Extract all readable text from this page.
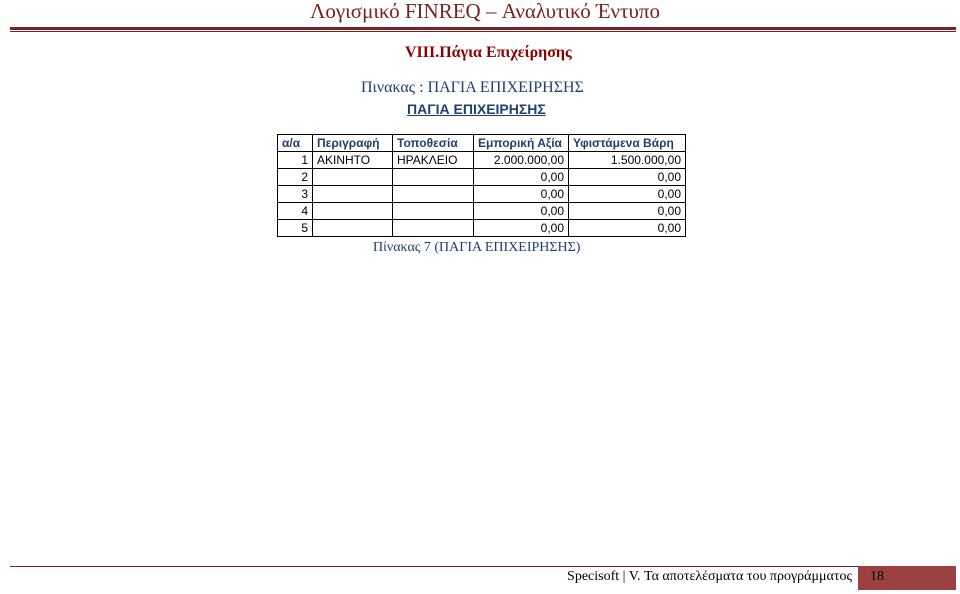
Λογισμικό FINREQ – Αναλυτικό Έντυπο
VIII.Πάγια Επιχείρησης
Πινακας : ΠΑΓΙΑ ΕΠΙΧΕΙΡΗΣΗΣ
ΠΑΓΙΑ ΕΠΙΧΕΙΡΗΣΗΣ
α/α	Περιγραφή	Τοποθεσία	Εμπορική Αξία	Υφιστάμενα Βάρη
1	ΑΚΙΝΗΤΟ	ΗΡΑΚΛΕΙΟ	2.000.000,00	1.500.000,00
2			0,00	0,00
3			0,00	0,00
4			0,00	0,00
5			0,00	0,00
Πίνακας 7 (ΠΑΓΙΑ ΕΠΙΧΕΙΡΗΣΗΣ)
Specisoft | V. Τα αποτελέσματα του προγράμματος 18
